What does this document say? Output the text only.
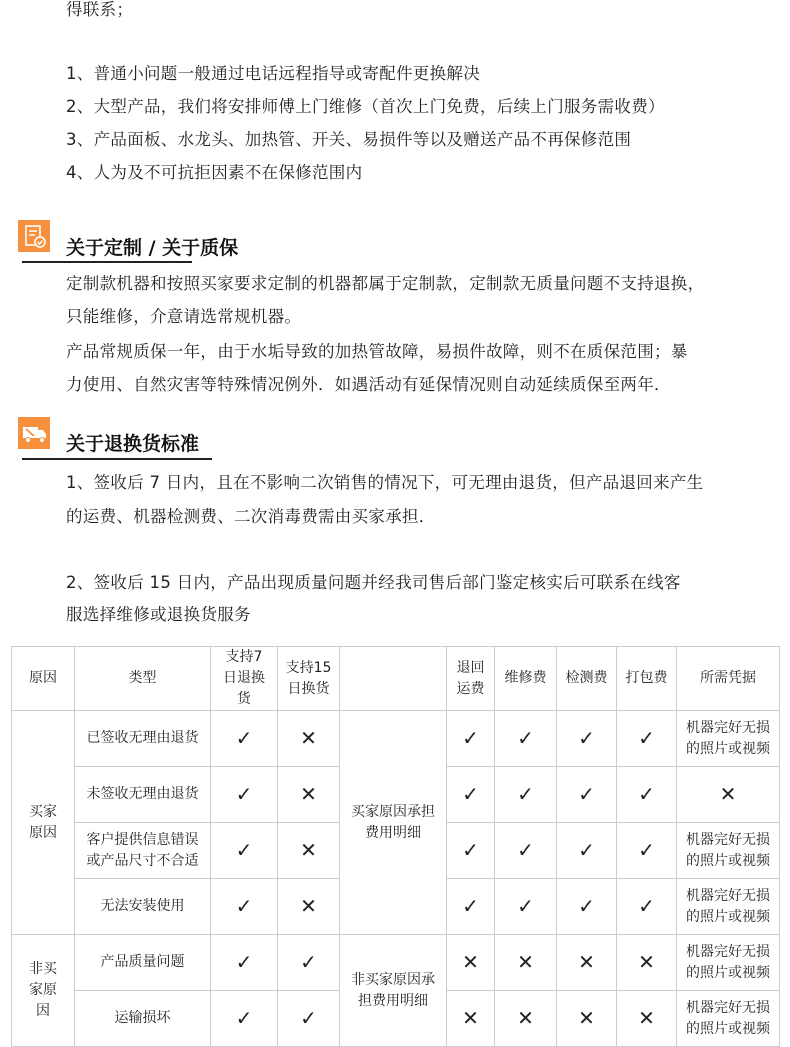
得联系；
1、普通小问题一般通过电话远程指导或寄配件更换解决
2、大型产品，我们将安排师傅上门维修（首次上门免费，后续上门服务需收费）
3、产品面板、水龙头、加热管、开关、易损件等以及赠送产品不再保修范围
4、人为及不可抗拒因素不在保修范围内
关于定制 / 关于质保
定制款机器和按照买家要求定制的机器都属于定制款，定制款无质量问题不支持退换，
只能维修，介意请选常规机器。
产品常规质保一年，由于水垢导致的加热管故障，易损件故障，则不在质保范围；暴
力使用、自然灾害等特殊情况例外．如遇活动有延保情况则自动延续质保至两年．
关于退换货标准
1、签收后 7 日内，且在不影响二次销售的情况下，可无理由退货，但产品退回来产生
的运费、机器检测费、二次消毒费需由买家承担．
2、签收后 15 日内，产品出现质量问题并经我司售后部门鉴定核实后可联系在线客
服选择维修或退换货服务
原因	类型	支持7日退换货	支持15日换货		退回运费	维修费	检测费	打包费	所需凭据

买家原因	已签收无理由退货	✓	✕	买家原因承担费用明细	✓	✓	✓	✓	机器完好无损的照片或视频

	未签收无理由退货	✓	✕		✓	✓	✓	✓	✕

	客户提供信息错误或产品尺寸不合适	✓	✕		✓	✓	✓	✓	机器完好无损的照片或视频

	无法安装使用	✓	✕		✓	✓	✓	✓	机器完好无损的照片或视频

非买家原因	产品质量问题	✓	✓	非买家原因承担费用明细	✕	✕	✕	✕	机器完好无损的照片或视频

	运输损坏	✓	✓		✕	✕	✕	✕	机器完好无损的照片或视频
